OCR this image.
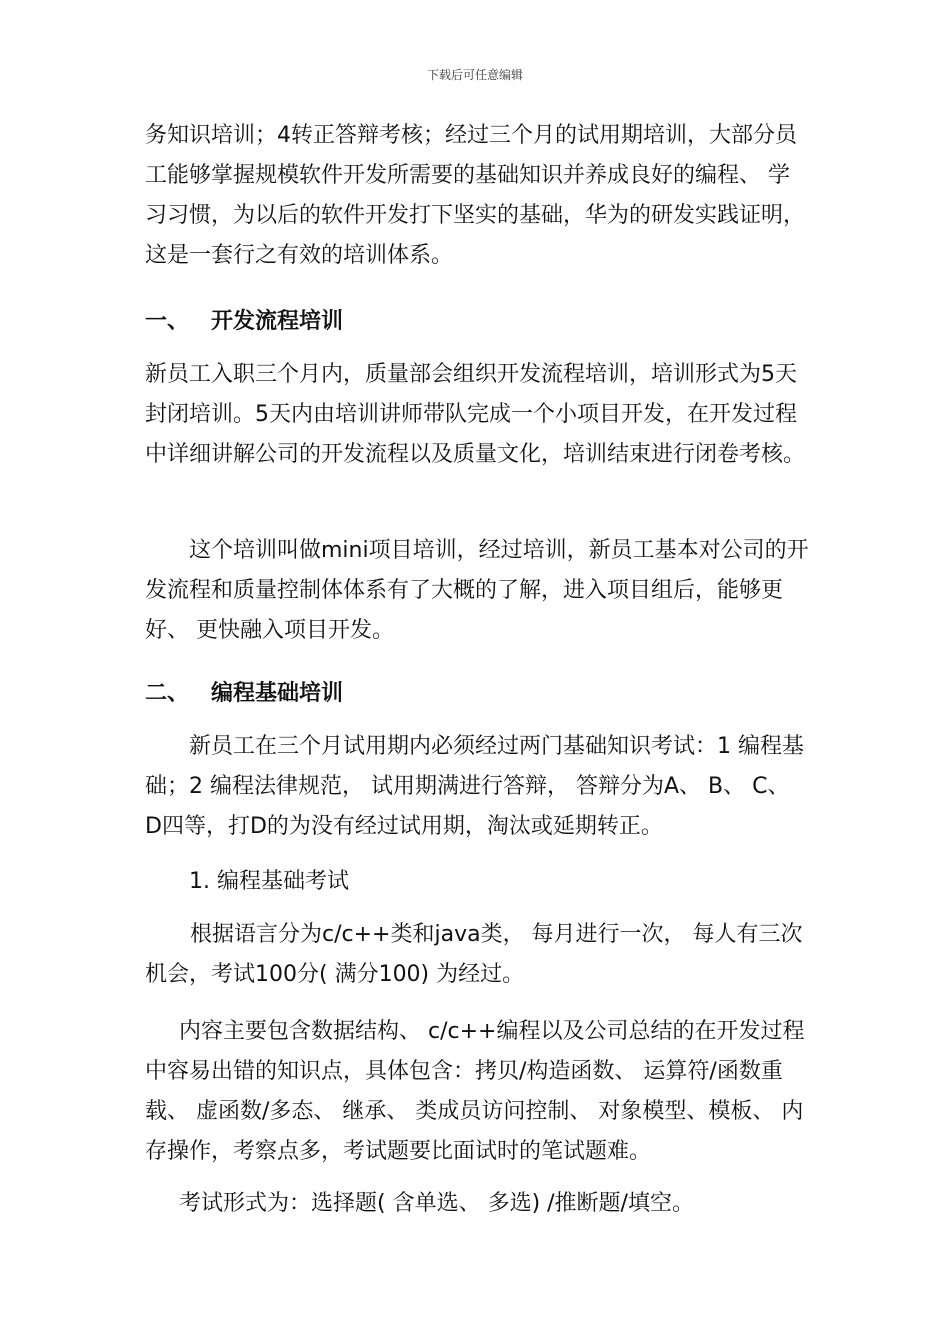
下载后可任意编辑
务知识培训；4转正答辩考核；经过三个月的试用期培训，大部分员工能够掌握规模软件开发所需要的基础知识并养成良好的编程、 学习习惯，为以后的软件开发打下坚实的基础，华为的研发实践证明，这是一套行之有效的培训体系。
一、 开发流程培训
新员工入职三个月内，质量部会组织开发流程培训，培训形式为5天封闭培训。5天内由培训讲师带队完成一个小项目开发，在开发过程中详细讲解公司的开发流程以及质量文化，培训结束进行闭卷考核。
这个培训叫做mini项目培训，经过培训，新员工基本对公司的开发流程和质量控制体体系有了大概的了解，进入项目组后，能够更好、 更快融入项目开发。
二、 编程基础培训
新员工在三个月试用期内必须经过两门基础知识考试：1 编程基础；2 编程法律规范， 试用期满进行答辩， 答辩分为A、 B、 C、 D四等，打D的为没有经过试用期，淘汰或延期转正。
1. 编程基础考试
根据语言分为c/c++类和java类， 每月进行一次， 每人有三次机会，考试100分( 满分100) 为经过。
内容主要包含数据结构、 c/c++编程以及公司总结的在开发过程中容易出错的知识点，具体包含：拷贝/构造函数、 运算符/函数重载、 虚函数/多态、 继承、 类成员访问控制、 对象模型、模板、 内存操作，考察点多，考试题要比面试时的笔试题难。
考试形式为：选择题( 含单选、 多选) /推断题/填空。
